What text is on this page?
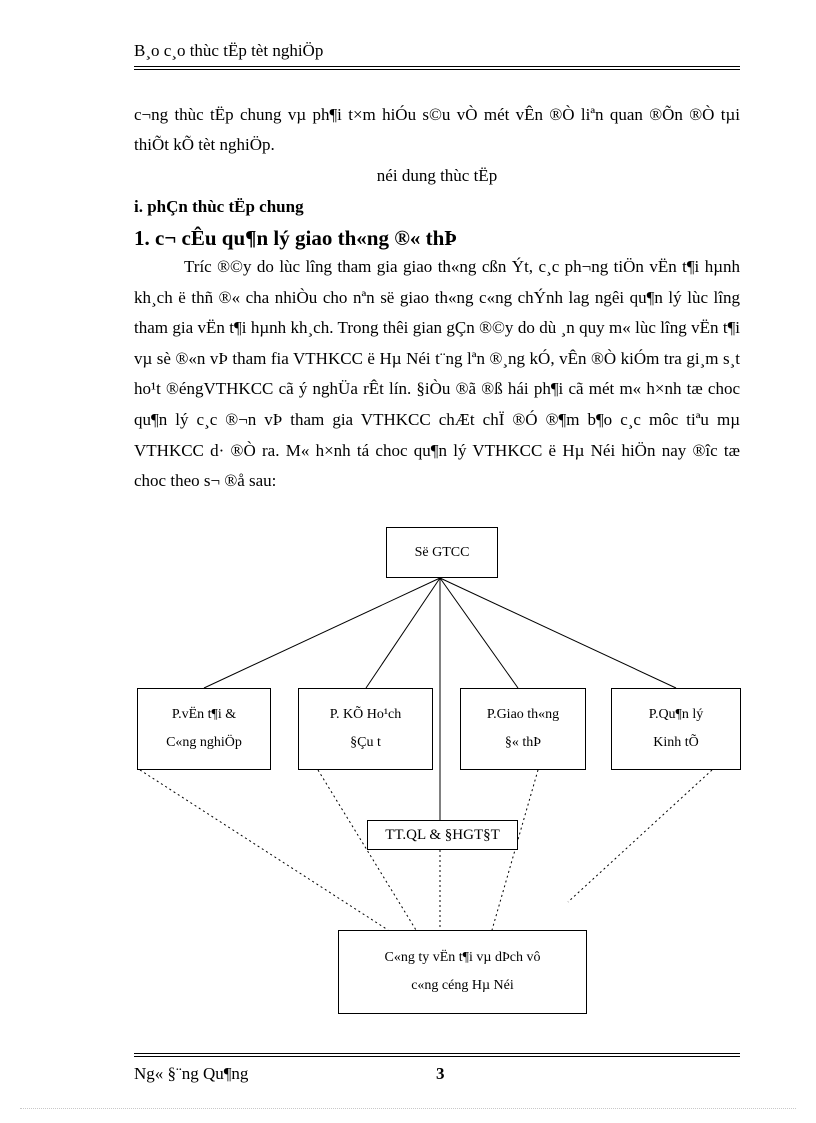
B¸o c¸o thùc tËp tèt nghiÖp
c¬ng thùc tËp chung vµ ph¶i t×m hiÓu s©u vÒ mét vÊn ®Ò liªn quan ®Õn ®Ò tµi thiÕt kÕ tèt nghiÖp.
néi dung thùc tËp
i. phÇn thùc tËp chung
1. c¬ cÊu qu¶n lý giao th«ng ®« thÞ
Tríc ®©y do lùc lîng tham gia giao th«ng cßn Ýt, c¸c ph¬ng tiÖn vËn t¶i hµnh kh¸ch ë thñ ®« cha nhiÒu cho nªn së giao th«ng c«ng chÝnh lag ngêi qu¶n lý lùc lîng tham gia vËn t¶i hµnh kh¸ch. Trong thêi gian gÇn ®©y do dù ¸n quy m« lùc lîng vËn t¶i vµ sè ®«n vÞ tham fia VTHKCC ë Hµ Néi t¨ng lªn ®¸ng kÓ, vÊn ®Ò kiÓm tra gi¸m s¸t ho¹t ®éngVTHKCC cã ý nghÜa rÊt lín. §iÒu ®ã ®ß hái ph¶i cã mét m« h×nh tæ choc qu¶n lý c¸c ®¬n vÞ tham gia VTHKCC chÆt chÏ ®Ó ®¶m b¶o c¸c môc tiªu mµ VTHKCC d· ®Ò ra. M« h×nh tá choc qu¶n lý VTHKCC ë Hµ Néi hiÖn nay ®îc tæ choc theo s¬ ®å sau:
Së GTCC
P.vËn t¶i &
C«ng nghiÖp
P. KÕ Ho¹ch
§Çu t
P.Giao th«ng
§« thÞ
P.Qu¶n lý
Kinh tÕ
TT.QL & §HGT§T
C«ng ty vËn t¶i vµ dÞch vô
c«ng céng Hµ Néi
Ng« §¨ng Qu¶ng	3
